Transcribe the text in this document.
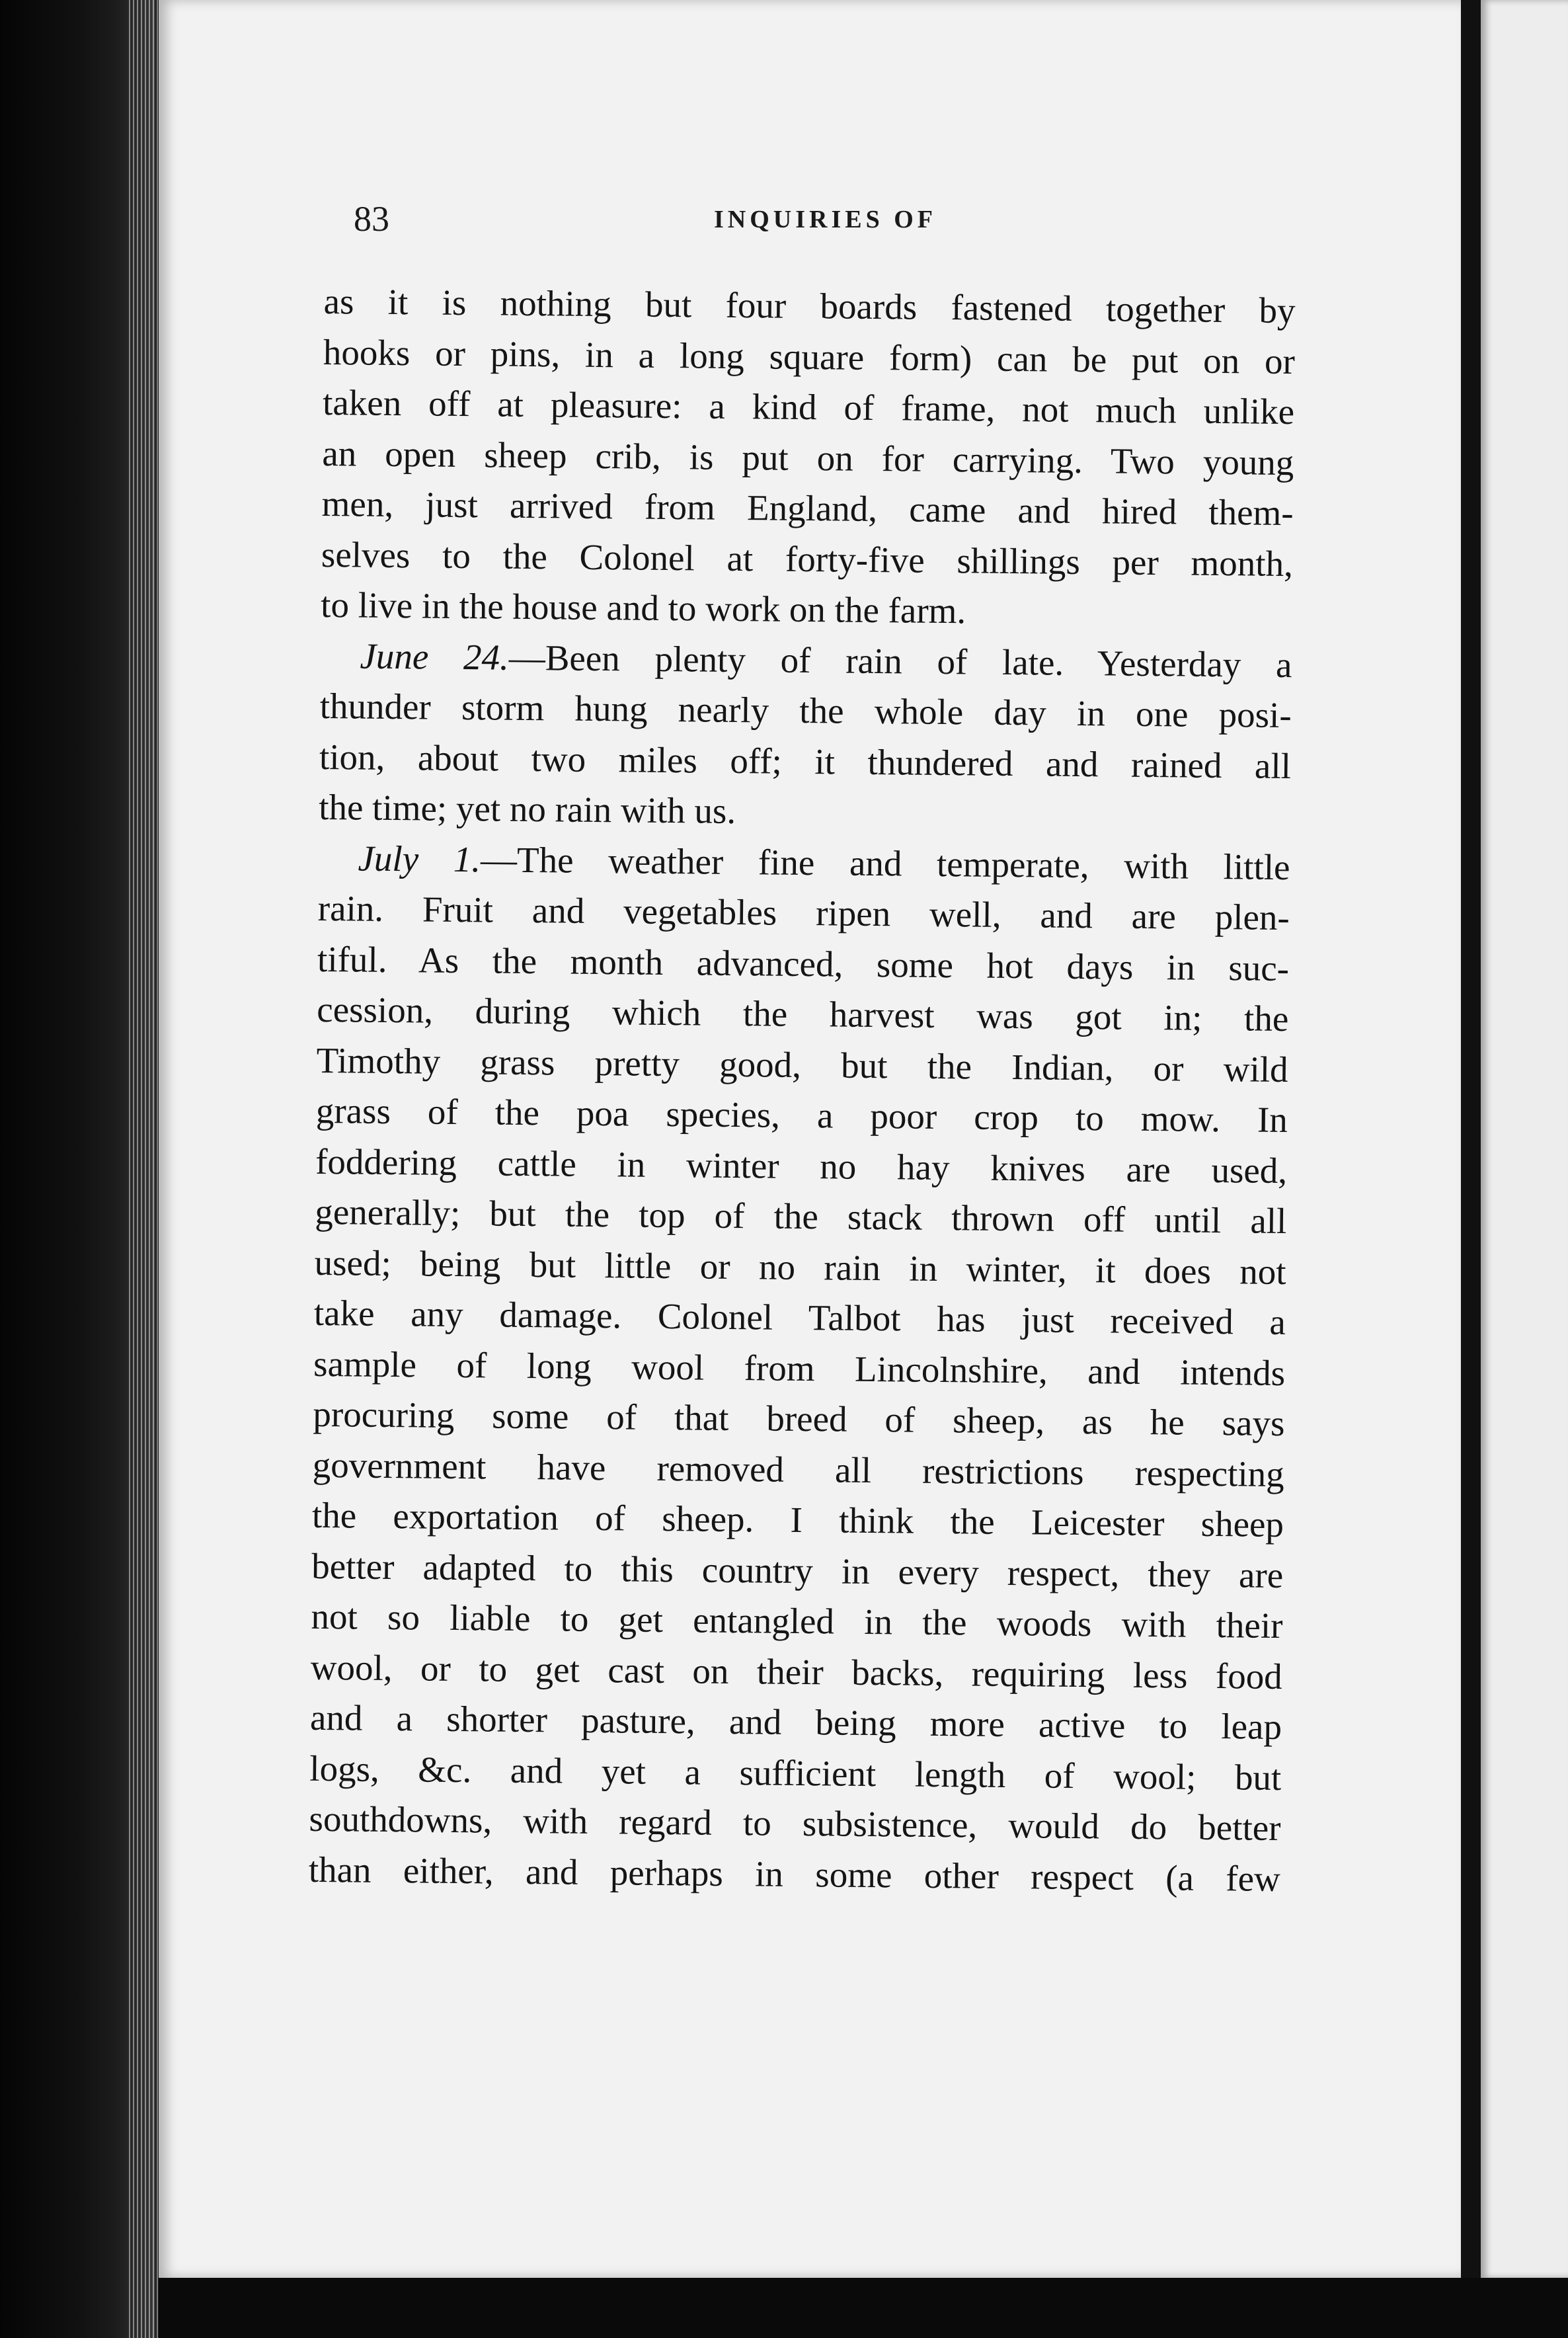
83	INQUIRIES OF
as it is nothing but four boards fastened together by
hooks or pins, in a long square form) can be put on or
taken off at pleasure: a kind of frame, not much unlike
an open sheep crib, is put on for carrying. Two young
men, just arrived from England, came and hired them-
selves to the Colonel at forty-five shillings per month,
to live in the house and to work on the farm.
June 24.—Been plenty of rain of late. Yesterday a
thunder storm hung nearly the whole day in one posi-
tion, about two miles off; it thundered and rained all
the time; yet no rain with us.
July 1.—The weather fine and temperate, with little
rain. Fruit and vegetables ripen well, and are plen-
tiful. As the month advanced, some hot days in suc-
cession, during which the harvest was got in; the
Timothy grass pretty good, but the Indian, or wild
grass of the poa species, a poor crop to mow. In
foddering cattle in winter no hay knives are used,
generally; but the top of the stack thrown off until all
used; being but little or no rain in winter, it does not
take any damage. Colonel Talbot has just received a
sample of long wool from Lincolnshire, and intends
procuring some of that breed of sheep, as he says
government have removed all restrictions respecting
the exportation of sheep. I think the Leicester sheep
better adapted to this country in every respect, they are
not so liable to get entangled in the woods with their
wool, or to get cast on their backs, requiring less food
and a shorter pasture, and being more active to leap
logs, &c. and yet a sufficient length of wool; but
southdowns, with regard to subsistence, would do better
than either, and perhaps in some other respect (a few
